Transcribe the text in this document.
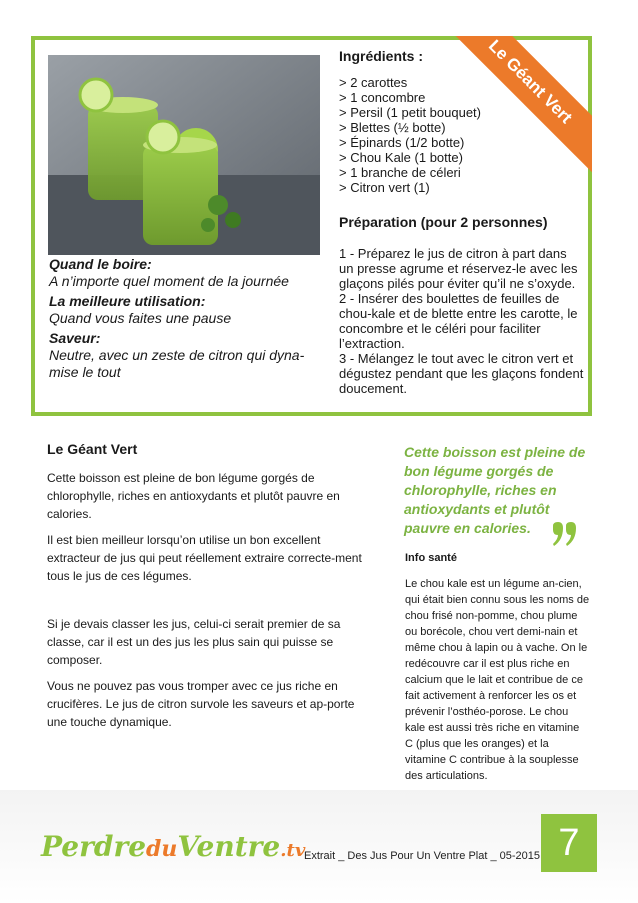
Le Géant Vert
Quand le boire:
A n’importe quel moment de la journée
La meilleure utilisation:
Quand vous faites une pause
Saveur:
Neutre, avec un zeste de citron qui dyna-mise le tout
Ingrédients :
> 2 carottes
> 1 concombre
> Persil (1 petit bouquet)
> Blettes (½ botte)
> Épinards (1/2 botte)
> Chou Kale (1 botte)
> 1 branche de céleri
> Citron vert (1)
Préparation (pour 2 personnes)

1 - Préparez le jus de citron à part dans un presse agrume et réservez-le avec les glaçons pilés pour éviter qu’il ne s’oxyde.

2 - Insérer des boulettes de feuilles de chou-kale et de blette entre les carotte, le concombre et le céléri pour faciliter l’extraction.

3 - Mélangez le tout avec le citron vert et dégustez pendant que les glaçons fondent doucement.

Le Géant Vert

Cette boisson est pleine de bon légume gorgés de chlorophylle, riches en antioxydants et plutôt pauvre en calories.

Il est bien meilleur lorsqu’on utilise un bon excellent extracteur de jus qui peut réellement extraire correcte-ment tous le jus de ces légumes.

Si je devais classer les jus, celui-ci serait premier de sa classe, car il est un des jus les plus sain qui puisse se composer.

Vous ne pouvez pas vous tromper avec ce jus riche en crucifères. Le jus de citron survole les saveurs et ap-porte une touche dynamique.

Cette boisson est pleine de bon légume gorgés de chlorophylle, riches en antioxydants et plutôt pauvre en calories.
Info santé

Le chou kale est un légume an-cien, qui était bien connu sous les noms de chou frisé non-pomme, chou plume ou borécole, chou vert demi-nain et même chou à lapin ou à vache. On le redécouvre car il est plus riche en calcium que le lait et contribue de ce fait activement à renforcer les os et prévenir l’osthéo-porose. Le chou kale est aussi très riche en vitamine C (plus que les oranges) et la vitamine C contribue à la souplesse des articulations.

Perdre du Ventre .tv
Extrait _ Des Jus Pour Un Ventre Plat _ 05-2015 7
